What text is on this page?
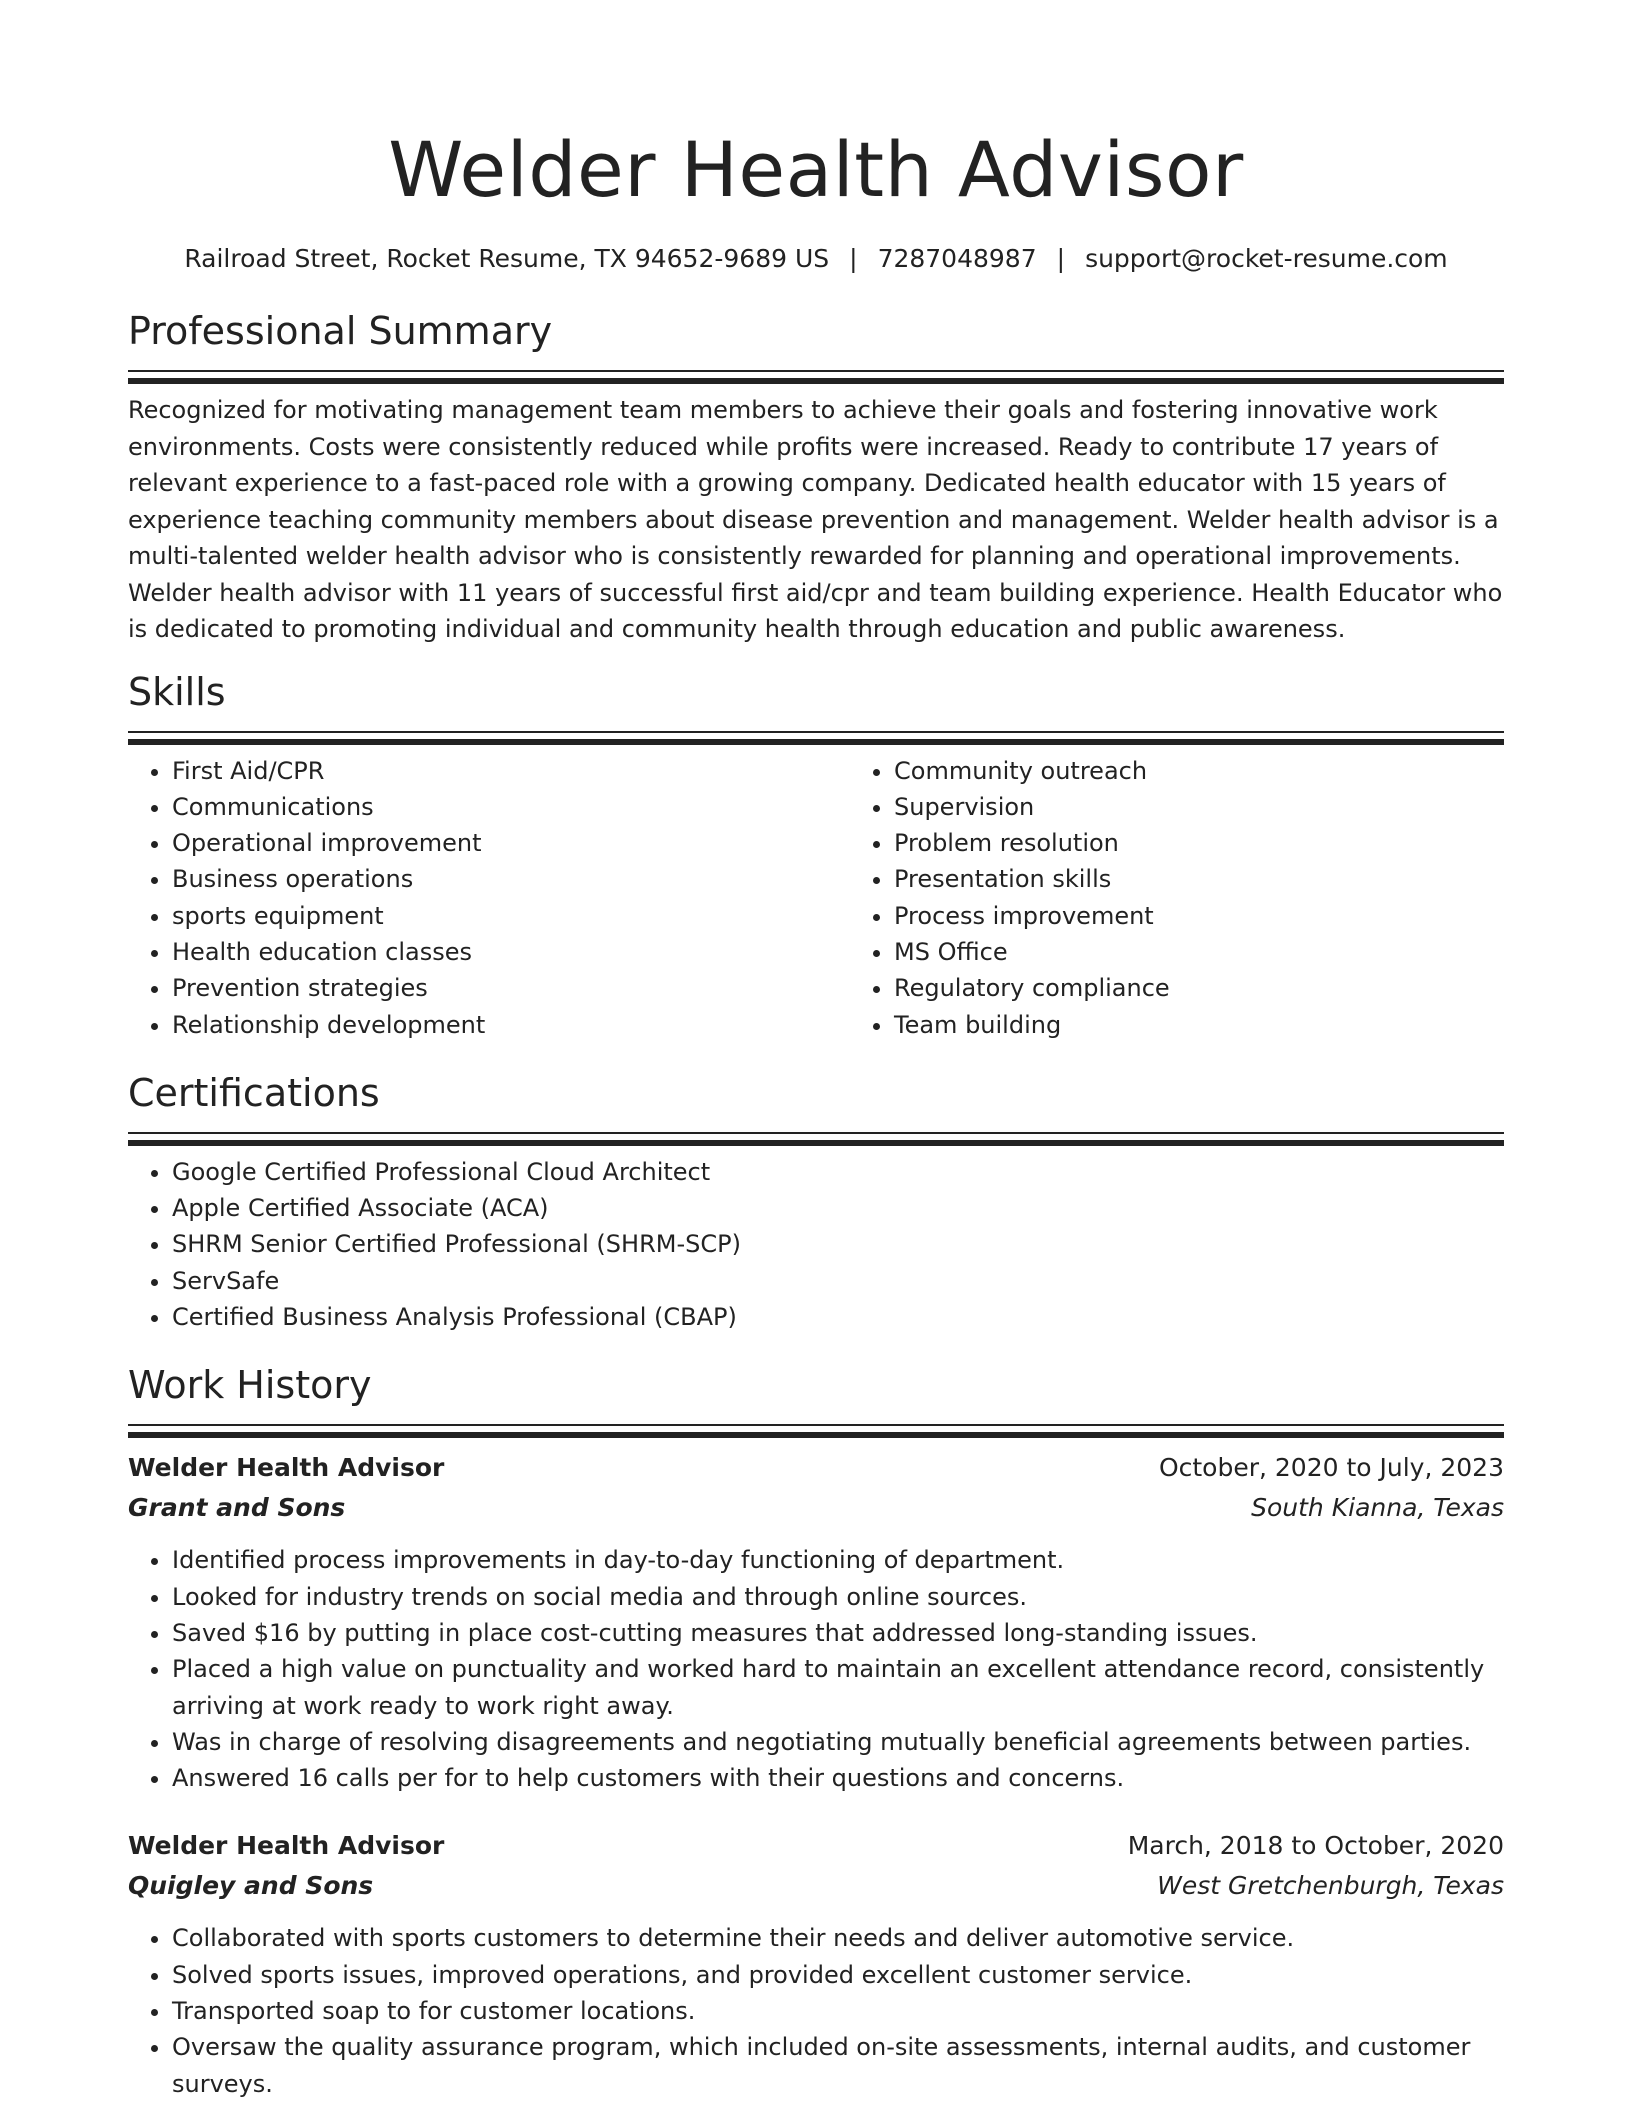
Welder Health Advisor
Railroad Street, Rocket Resume, TX 94652-9689 US | 7287048987 | support@rocket-resume.com
Professional Summary

Recognized for motivating management team members to achieve their goals and fostering innovative work environments. Costs were consistently reduced while profits were increased. Ready to contribute 17 years of relevant experience to a fast-paced role with a growing company. Dedicated health educator with 15 years of experience teaching community members about disease prevention and management. Welder health advisor is a multi-talented welder health advisor who is consistently rewarded for planning and operational improvements. Welder health advisor with 11 years of successful first aid/cpr and team building experience. Health Educator who is dedicated to promoting individual and community health through education and public awareness.

Skills
• First Aid/CPR
• Communications
• Operational improvement
• Business operations
• sports equipment
• Health education classes
• Prevention strategies
• Relationship development
• Community outreach
• Supervision
• Problem resolution
• Presentation skills
• Process improvement
• MS Office
• Regulatory compliance
• Team building
Certifications
• Google Certified Professional Cloud Architect
• Apple Certified Associate (ACA)
• SHRM Senior Certified Professional (SHRM-SCP)
• ServSafe
• Certified Business Analysis Professional (CBAP)
Work History
Welder Health Advisor	October, 2020 to July, 2023
Grant and Sons	South Kianna, Texas
• Identified process improvements in day-to-day functioning of department.
• Looked for industry trends on social media and through online sources.
• Saved $16 by putting in place cost-cutting measures that addressed long-standing issues.
• Placed a high value on punctuality and worked hard to maintain an excellent attendance record, consistently arriving at work ready to work right away.
• Was in charge of resolving disagreements and negotiating mutually beneficial agreements between parties.
• Answered 16 calls per for to help customers with their questions and concerns.
Welder Health Advisor	March, 2018 to October, 2020
Quigley and Sons	West Gretchenburgh, Texas
• Collaborated with sports customers to determine their needs and deliver automotive service.
• Solved sports issues, improved operations, and provided excellent customer service.
• Transported soap to for customer locations.
• Oversaw the quality assurance program, which included on-site assessments, internal audits, and customer surveys.
